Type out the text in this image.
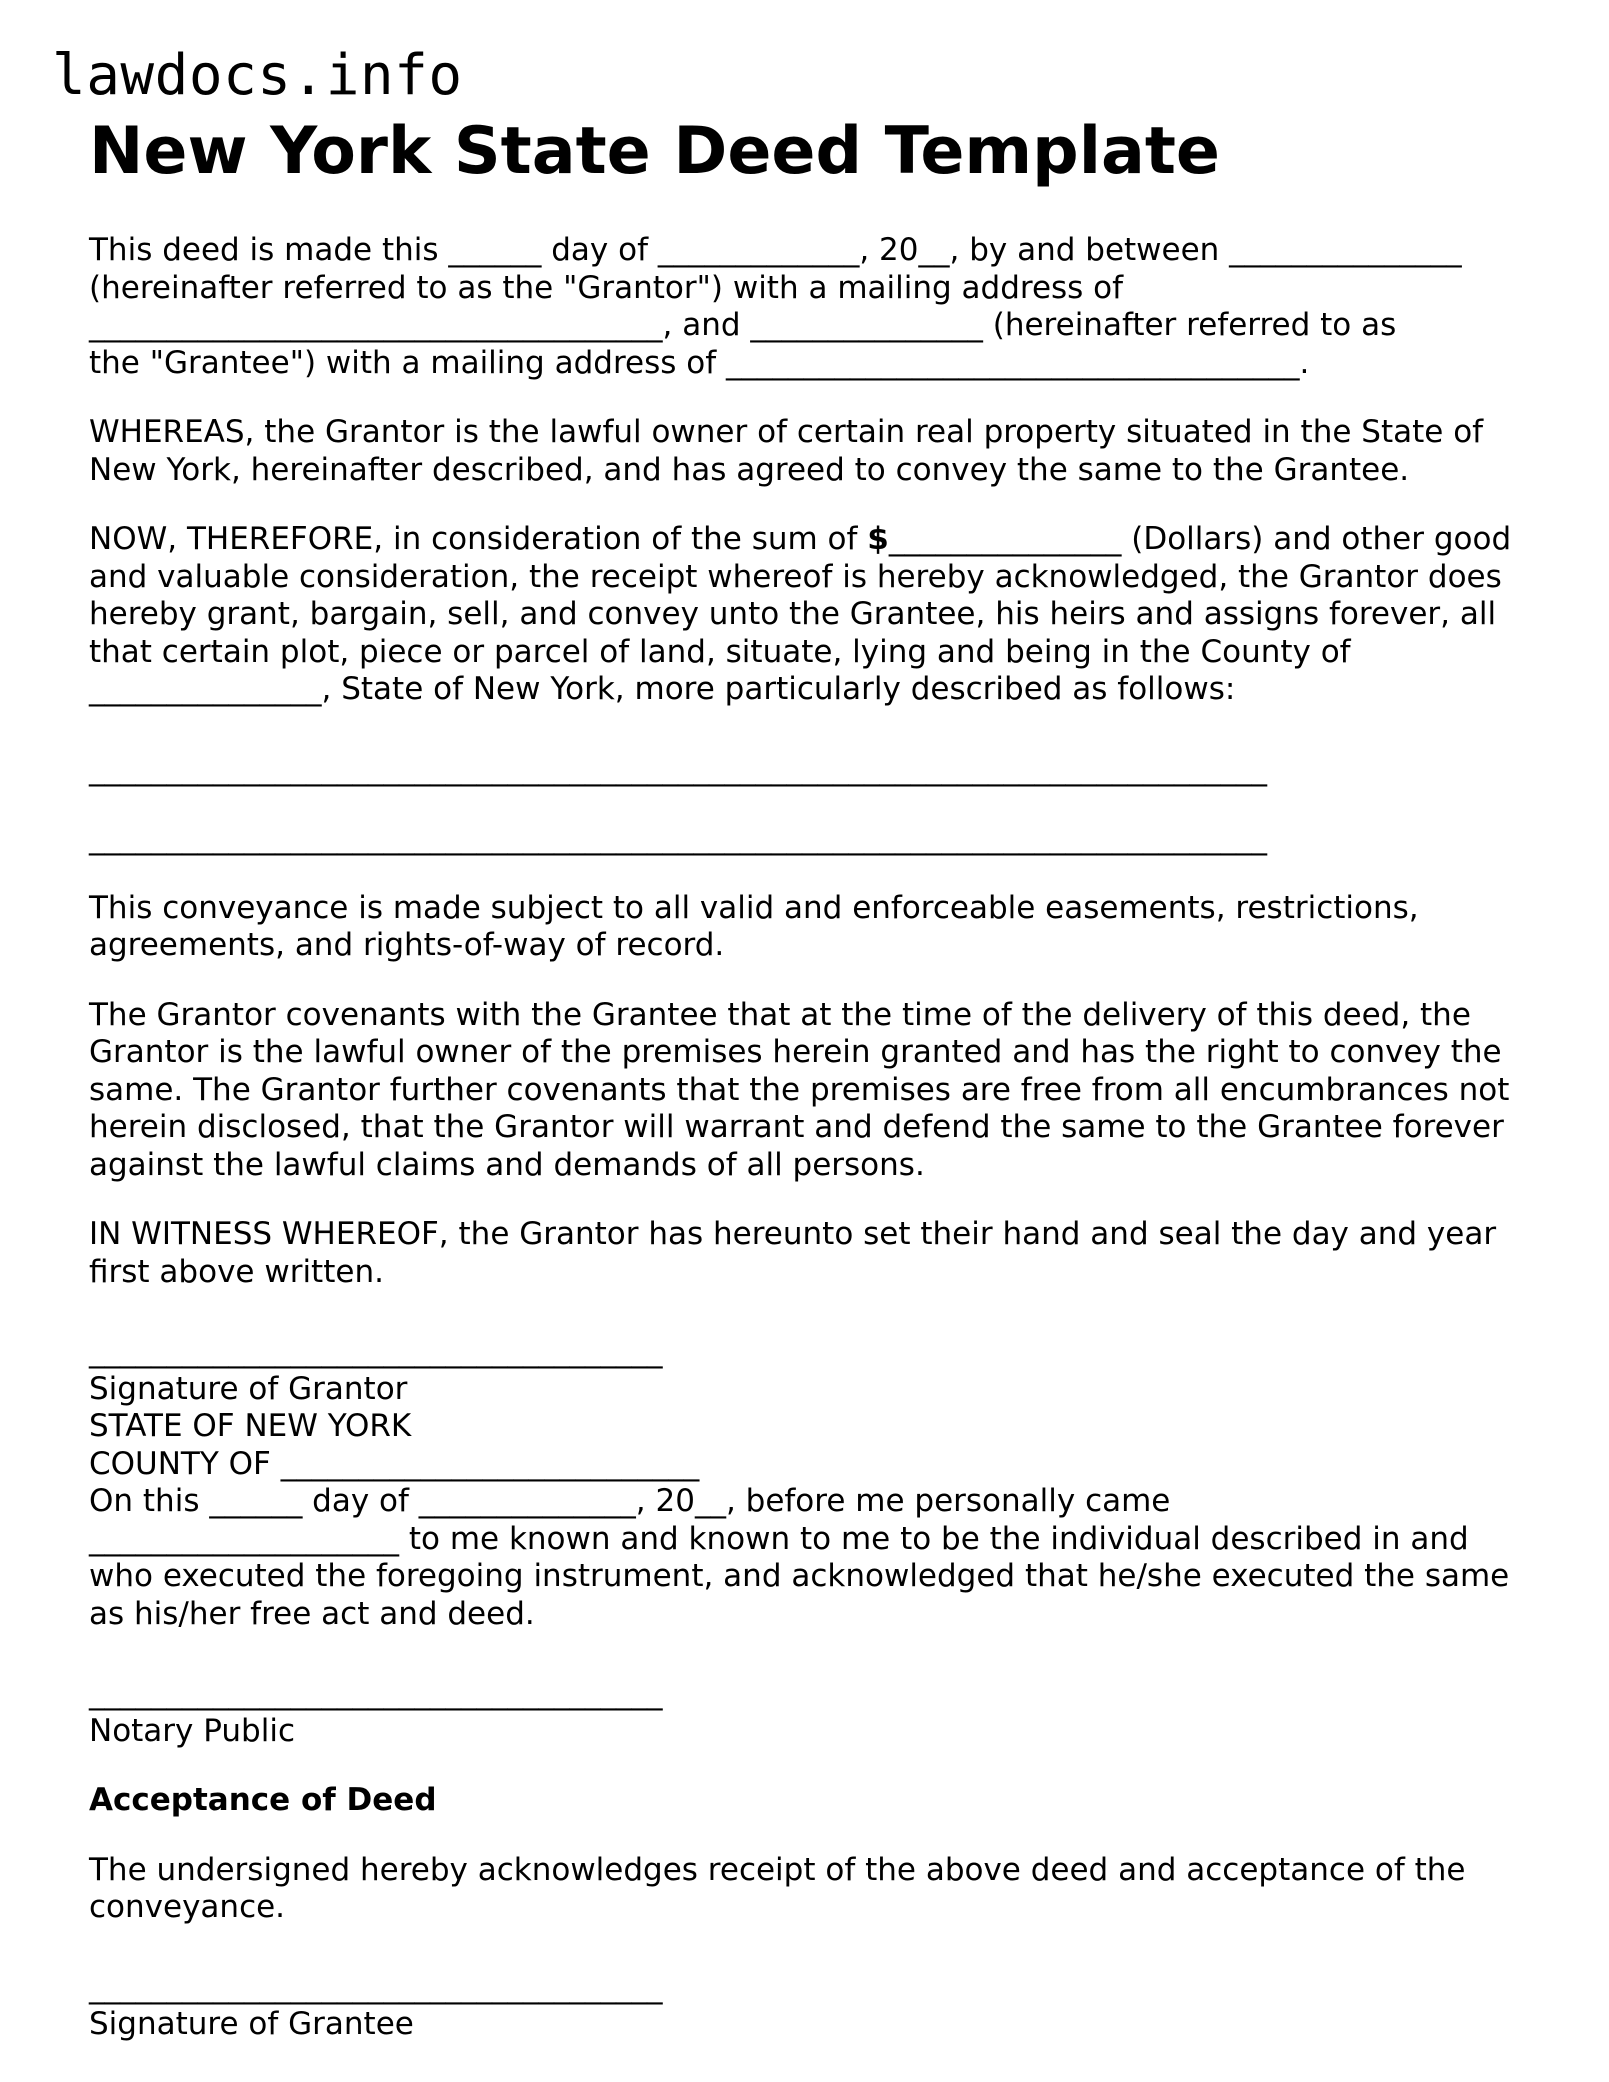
lawdocs.info
New York State Deed Template

This deed is made this ______ day of _____________, 20__, by and between _______________
(hereinafter referred to as the "Grantor") with a mailing address of
_____________________________________, and _______________ (hereinafter referred to as
the "Grantee") with a mailing address of _____________________________________.

WHEREAS, the Grantor is the lawful owner of certain real property situated in the State of New York, hereinafter described, and has agreed to convey the same to the Grantee.

NOW, THEREFORE, in consideration of the sum of $_______________ (Dollars) and other good and valuable consideration, the receipt whereof is hereby acknowledged, the Grantor does hereby grant, bargain, sell, and convey unto the Grantee, his heirs and assigns forever, all that certain plot, piece or parcel of land, situate, lying and being in the County of _______________, State of New York, more particularly described as follows:

____________________________________________________________________________
____________________________________________________________________________

This conveyance is made subject to all valid and enforceable easements, restrictions, agreements, and rights-of-way of record.

The Grantor covenants with the Grantee that at the time of the delivery of this deed, the Grantor is the lawful owner of the premises herein granted and has the right to convey the same. The Grantor further covenants that the premises are free from all encumbrances not herein disclosed, that the Grantor will warrant and defend the same to the Grantee forever against the lawful claims and demands of all persons.

IN WITNESS WHEREOF, the Grantor has hereunto set their hand and seal the day and year first above written.

_____________________________________
Signature of Grantor
STATE OF NEW YORK
COUNTY OF ___________________________
On this ______ day of ______________, 20__, before me personally came
____________________ to me known and known to me to be the individual described in and who executed the foregoing instrument, and acknowledged that he/she executed the same as his/her free act and deed.
_____________________________________
Notary Public

Acceptance of Deed

The undersigned hereby acknowledges receipt of the above deed and acceptance of the conveyance.

_____________________________________
Signature of Grantee
